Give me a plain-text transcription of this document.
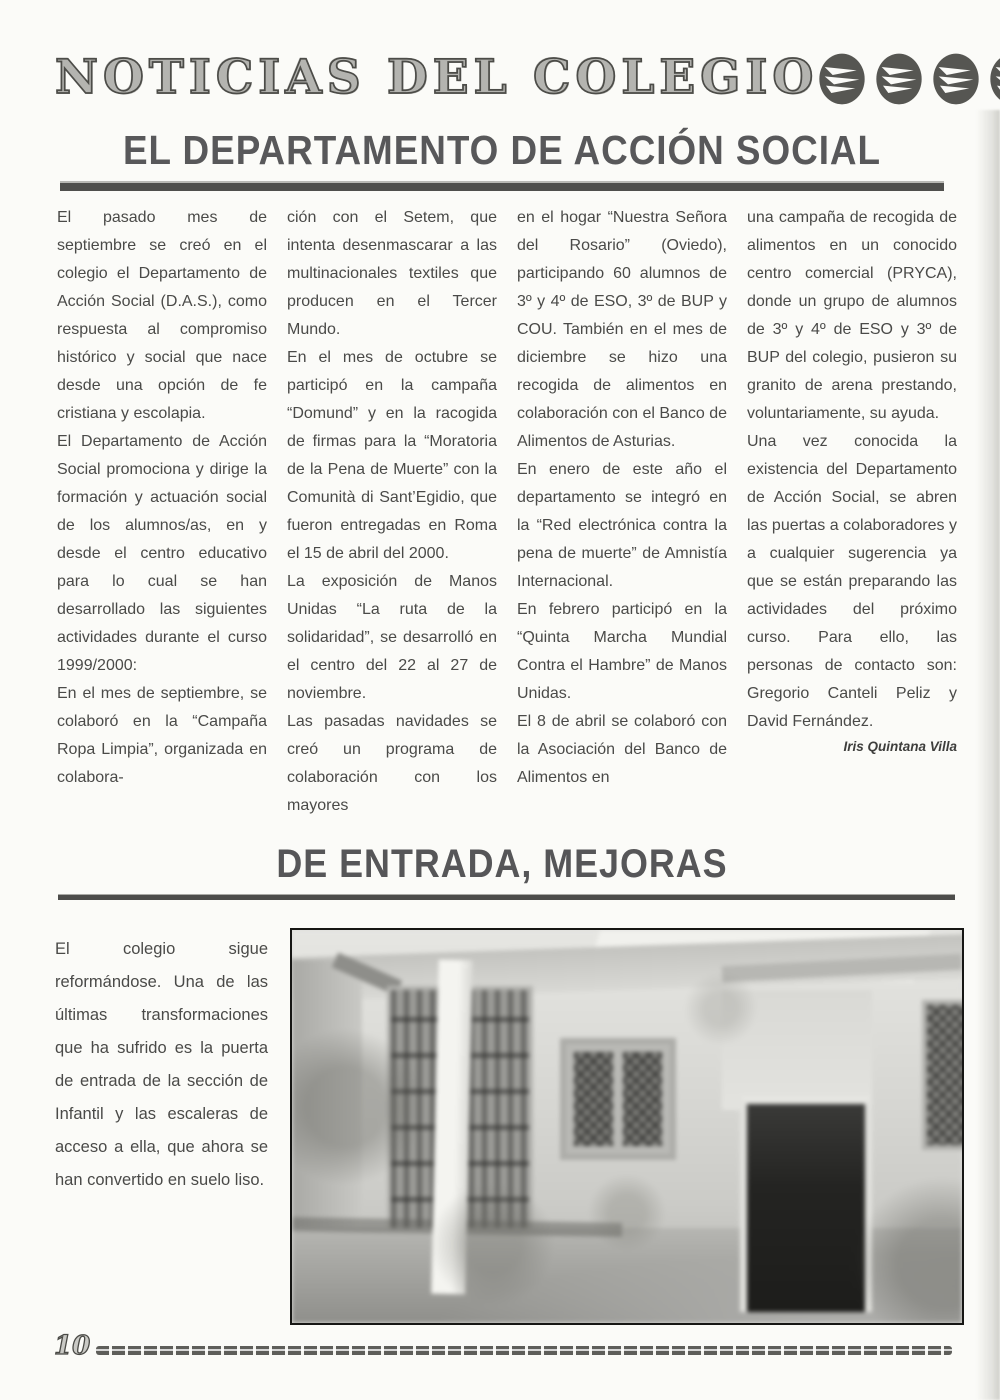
NOTICIAS DEL COLEGIO
EL DEPARTAMENTO DE ACCIÓN SOCIAL

El pasado mes de septiembre se creó en el colegio el Departamento de Acción Social (D.A.S.), como respuesta al compromiso histórico y social que nace desde una opción de fe cristiana y escolapia.

El Departamento de Acción Social promociona y dirige la formación y actuación social de los alumnos/as, en y desde el centro educativo para lo cual se han desarrollado las siguientes actividades durante el curso 1999/2000:

En el mes de septiembre, se colaboró en la “Campaña Ropa Limpia”, organizada en colabora-

ción con el Setem, que intenta desenmascarar a las multinacionales textiles que producen en el Tercer Mundo.

En el mes de octubre se participó en la campaña “Domund” y en la racogida de firmas para la “Moratoria de la Pena de Muerte” con la Comunità di Sant’Egidio, que fueron entregadas en Roma el 15 de abril del 2000.

La exposición de Manos Unidas “La ruta de la solidaridad”, se desarrolló en el centro del 22 al 27 de noviembre.

Las pasadas navidades se creó un programa de colaboración con los mayores

en el hogar “Nuestra Señora del Rosario” (Oviedo), participando 60 alumnos de 3º y 4º de ESO, 3º de BUP y COU. También en el mes de diciembre se hizo una recogida de alimentos en colaboración con el Banco de Alimentos de Asturias.

En enero de este año el departamento se integró en la “Red electrónica contra la pena de muerte” de Amnistía Internacional.

En febrero participó en la “Quinta Marcha Mundial Contra el Hambre” de Manos Unidas.

El 8 de abril se colaboró con la Asociación del Banco de Alimentos en

una campaña de recogida de alimentos en un conocido centro comercial (PRYCA), donde un grupo de alumnos de 3º y 4º de ESO y 3º de BUP del colegio, pusieron su granito de arena prestando, voluntariamente, su ayuda.

Una vez conocida la existencia del Departamento de Acción Social, se abren las puertas a colaboradores y a cualquier sugerencia ya que se están preparando las actividades del próximo curso. Para ello, las personas de contacto son: Gregorio Canteli Peliz y David Fernández.

Iris Quintana Villa
DE ENTRADA, MEJORAS

El colegio sigue reformándose. Una de las últimas transformaciones que ha sufrido es la puerta de entrada de la sección de Infantil y las escaleras de acceso a ella, que ahora se han convertido en suelo liso.

10
